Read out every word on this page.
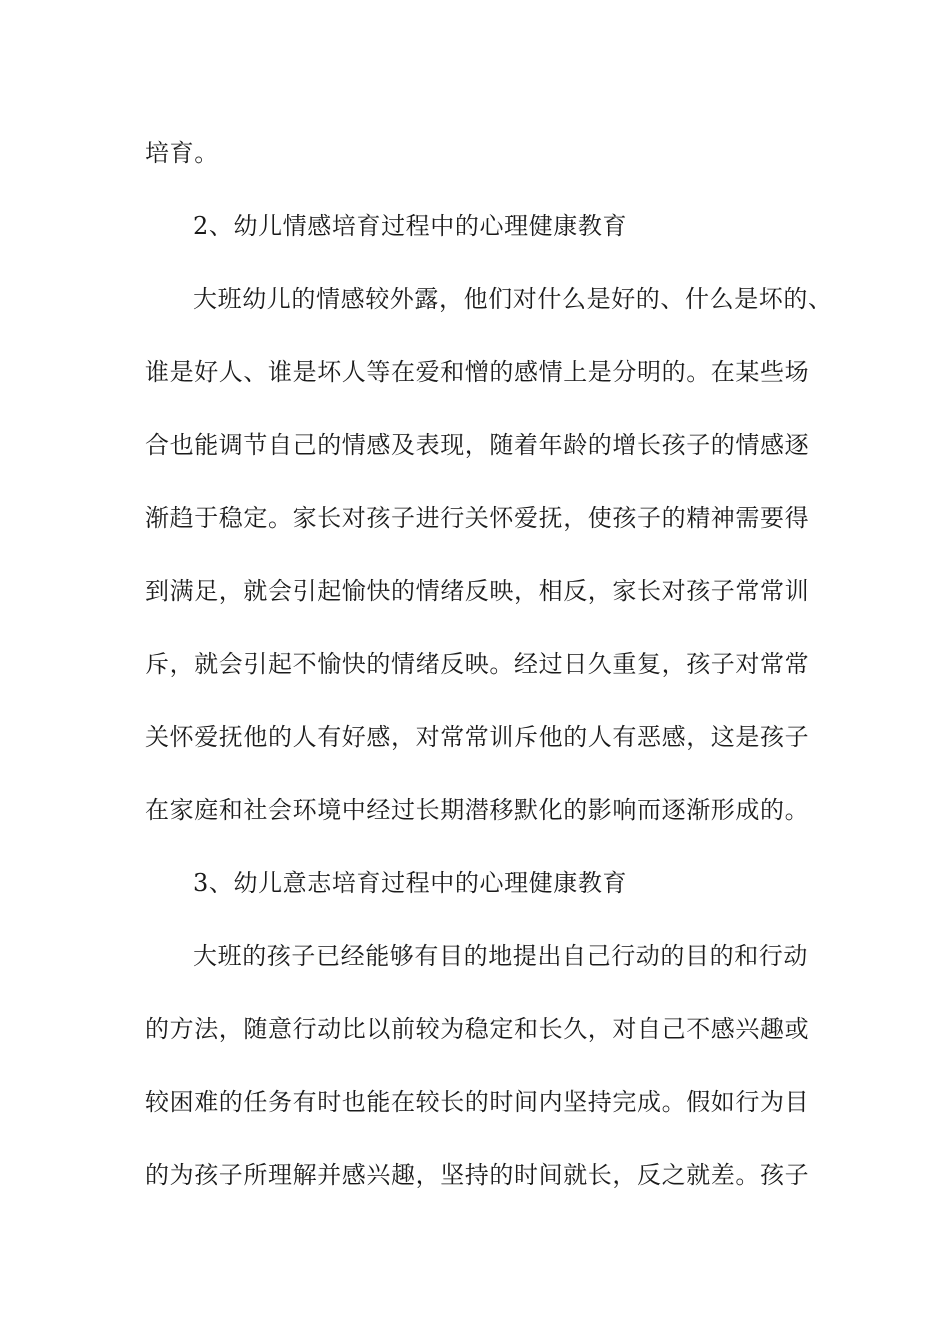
培育。
2、幼儿情感培育过程中的心理健康教育
大班幼儿的情感较外露，他们对什么是好的、什么是坏的、
谁是好人、谁是坏人等在爱和憎的感情上是分明的。在某些场
合也能调节自己的情感及表现，随着年龄的增长孩子的情感逐
渐趋于稳定。家长对孩子进行关怀爱抚，使孩子的精神需要得
到满足，就会引起愉快的情绪反映，相反，家长对孩子常常训
斥，就会引起不愉快的情绪反映。经过日久重复，孩子对常常
关怀爱抚他的人有好感，对常常训斥他的人有恶感，这是孩子
在家庭和社会环境中经过长期潜移默化的影响而逐渐形成的。
3、幼儿意志培育过程中的心理健康教育
大班的孩子已经能够有目的地提出自己行动的目的和行动
的方法，随意行动比以前较为稳定和长久，对自己不感兴趣或
较困难的任务有时也能在较长的时间内坚持完成。假如行为目
的为孩子所理解并感兴趣，坚持的时间就长，反之就差。孩子
